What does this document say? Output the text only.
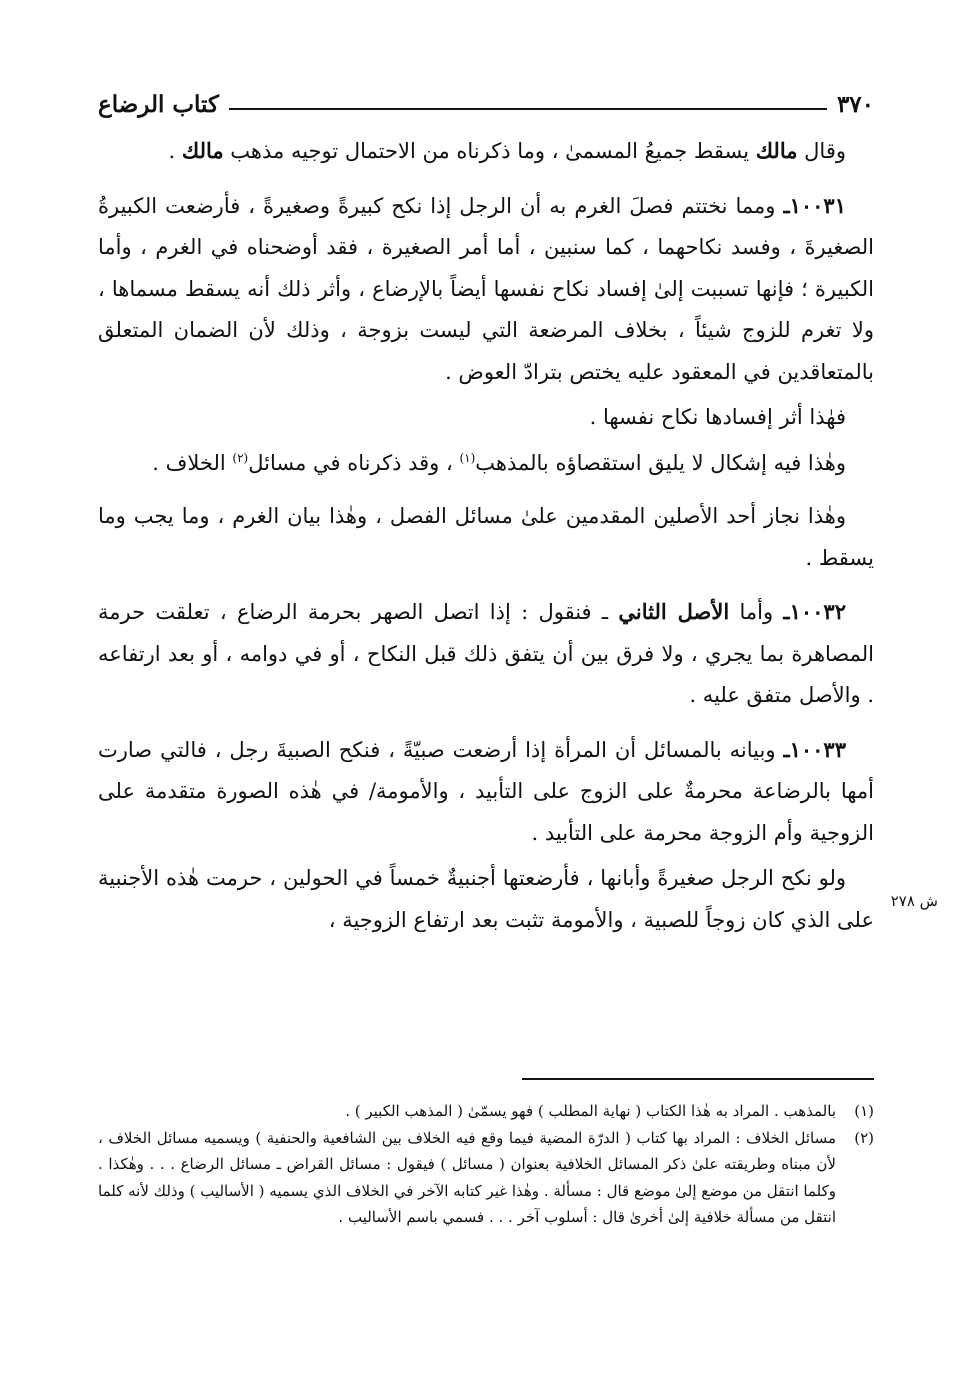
٣٧٠
كتاب الرضاع

وقال مالك يسقط جميعُ المسمىٰ ، وما ذكرناه من الاحتمال توجيه مذهب مالك .

١٠٠٣١ـ ومما نختتم فصلَ الغرم به أن الرجل إذا نكح كبيرةً وصغيرةً ، فأرضعت الكبيرةُ الصغيرةَ ، وفسد نكاحهما ، كما سنبين ، أما أمر الصغيرة ، فقد أوضحناه في الغرم ، وأما الكبيرة ؛ فإنها تسببت إلىٰ إفساد نكاح نفسها أيضاً بالإرضاع ، وأثر ذلك أنه يسقط مسماها ، ولا تغرم للزوج شيئاً ، بخلاف المرضعة التي ليست بزوجة ، وذلك لأن الضمان المتعلق بالمتعاقدين في المعقود عليه يختص بترادّ العوض .

فهٰذا أثر إفسادها نكاح نفسها .

وهٰذا فيه إشكال لا يليق استقصاؤه بالمذهب$^{(١)}$ ، وقد ذكرناه في مسائل$^{(٢)}$ الخلاف .

وهٰذا نجاز أحد الأصلين المقدمين علىٰ مسائل الفصل ، وهٰذا بيان الغرم ، وما يجب وما يسقط .

١٠٠٣٢ـ وأما الأصل الثاني ـ فنقول : إذا اتصل الصهر بحرمة الرضاع ، تعلقت حرمة المصاهرة بما يجري ، ولا فرق بين أن يتفق ذلك قبل النكاح ، أو في دوامه ، أو بعد ارتفاعه . والأصل متفق عليه .

١٠٠٣٣ـ وبيانه بالمسائل أن المرأة إذا أرضعت صبيّةً ، فنكح الصبيةَ رجل ، فالتي صارت أمها بالرضاعة محرمةٌ على الزوج على التأبيد ، والأمومة/ في هٰذه الصورة متقدمة على الزوجية وأم الزوجة محرمة على التأبيد .

ولو نكح الرجل صغيرةً وأبانها ، فأرضعتها أجنبيةٌ خمساً في الحولين ، حرمت هٰذه الأجنبية على الذي كان زوجاً للصبية ، والأمومة تثبت بعد ارتفاع الزوجية ،

ش ٢٧٨

(١)
بالمذهب . المراد به هٰذا الكتاب ( نهاية المطلب ) فهو يسمّىٰ ( المذهب الكبير ) .

(٢)
مسائل الخلاف : المراد بها كتاب ( الدرّة المضية فيما وقع فيه الخلاف بين الشافعية والحنفية ) ويسميه مسائل الخلاف ، لأن مبناه وطريقته علىٰ ذكر المسائل الخلافية بعنوان ( مسائل ) فيقول : مسائل القراض ـ مسائل الرضاع . . . وهٰكذا . وكلما انتقل من موضع إلىٰ موضع قال : مسألة . وهٰذا غير كتابه الآخر في الخلاف الذي يسميه ( الأساليب ) وذلك لأنه كلما انتقل من مسألة خلافية إلىٰ أخرىٰ قال : أسلوب آخر . . . فسمي باسم الأساليب .
